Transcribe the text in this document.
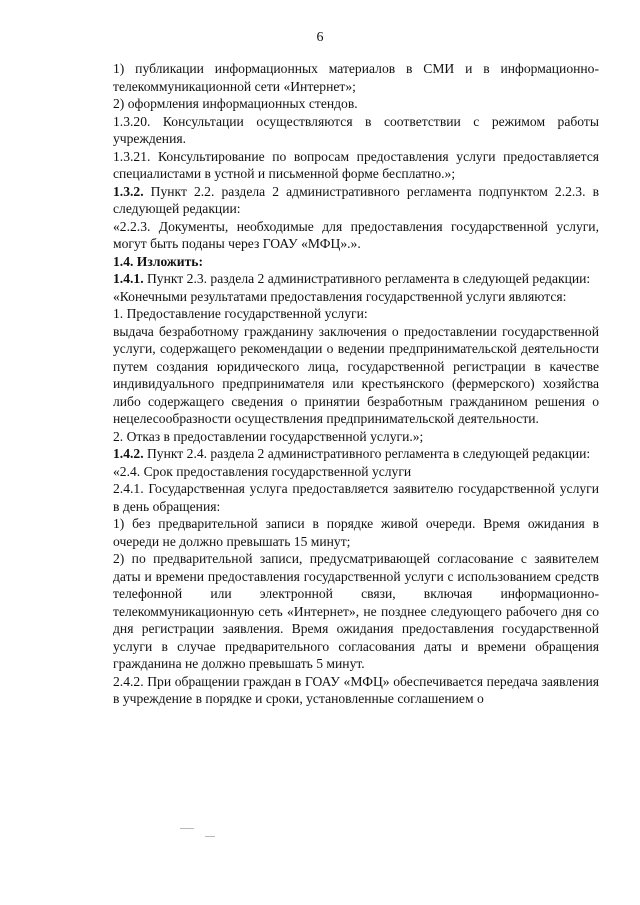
6

1) публикации информационных материалов в СМИ и в информационно-телекоммуникационной сети «Интернет»;

2) оформления информационных стендов.

1.3.20. Консультации осуществляются в соответствии с режимом работы учреждения.

1.3.21. Консультирование по вопросам предоставления услуги предоставляется специалистами в устной и письменной форме бесплатно.»;

1.3.2. Пункт 2.2. раздела 2 административного регламента подпунктом 2.2.3. в следующей редакции:

«2.2.3. Документы, необходимые для предоставления государственной услуги, могут быть поданы через ГОАУ «МФЦ».».

1.4. Изложить:

1.4.1. Пункт 2.3. раздела 2 административного регламента в следующей редакции:

«Конечными результатами предоставления государственной услуги являются:

1. Предоставление государственной услуги:

выдача безработному гражданину заключения о предоставлении государственной услуги, содержащего рекомендации о ведении предпринимательской деятельности путем создания юридического лица, государственной регистрации в качестве индивидуального предпринимателя или крестьянского (фермерского) хозяйства либо содержащего сведения о принятии безработным гражданином решения о нецелесообразности осуществления предпринимательской деятельности.

2. Отказ в предоставлении государственной услуги.»;

1.4.2. Пункт 2.4. раздела 2 административного регламента в следующей редакции:

«2.4. Срок предоставления государственной услуги

2.4.1. Государственная услуга предоставляется заявителю государственной услуги в день обращения:

1) без предварительной записи в порядке живой очереди. Время ожидания в очереди не должно превышать 15 минут;

2) по предварительной записи, предусматривающей согласование с заявителем даты и времени предоставления государственной услуги с использованием средств телефонной или электронной связи, включая информационно-телекоммуникационную сеть «Интернет», не позднее следующего рабочего дня со дня регистрации заявления. Время ожидания предоставления государственной услуги в случае предварительного согласования даты и времени обращения гражданина не должно превышать 5 минут.

2.4.2. При обращении граждан в ГОАУ «МФЦ» обеспечивается передача заявления в учреждение в порядке и сроки, установленные соглашением о
